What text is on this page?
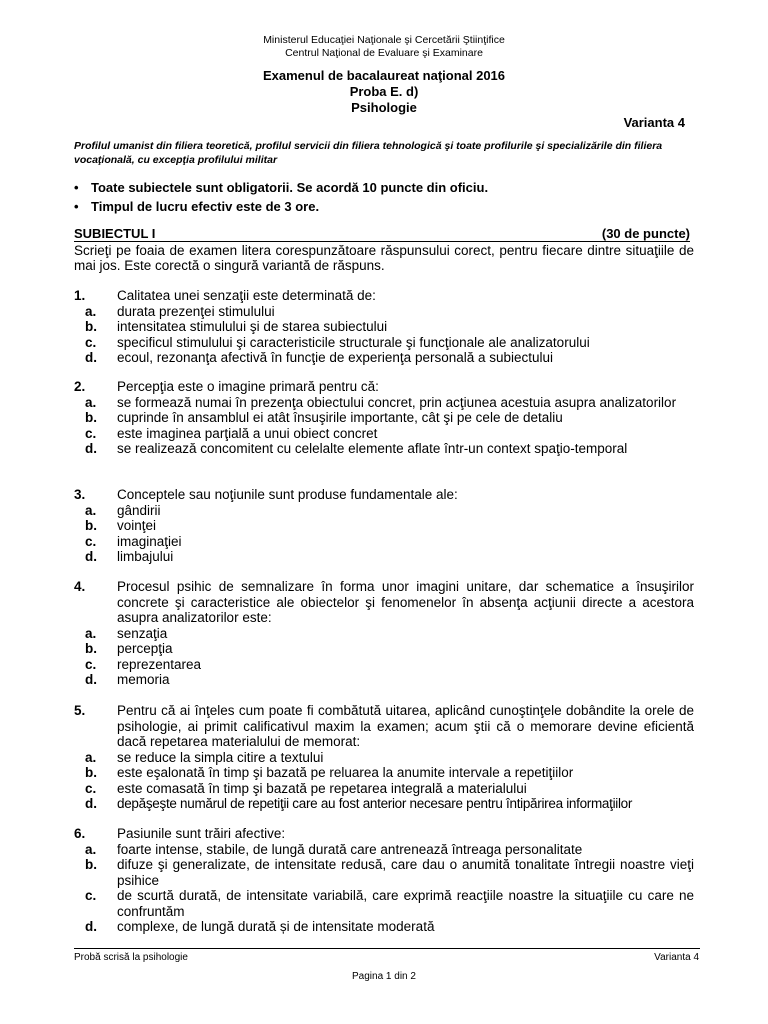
Ministerul Educaţiei Naţionale şi Cercetării Ştiinţifice
Centrul Naţional de Evaluare şi Examinare
Examenul de bacalaureat naţional 2016
Proba E. d)
Psihologie
Varianta 4
Profilul umanist din filiera teoretică, profilul servicii din filiera tehnologică şi toate profilurile şi specializările din filiera vocaţională, cu excepţia profilului militar
• Toate subiectele sunt obligatorii. Se acordă 10 puncte din oficiu.
• Timpul de lucru efectiv este de 3 ore.
SUBIECTUL I	(30 de puncte)
Scrieţi pe foaia de examen litera corespunzătoare răspunsului corect, pentru fiecare dintre situaţiile de mai jos. Este corectă o singură variantă de răspuns.
1. Calitatea unei senzaţii este determinată de:
a. durata prezenţei stimulului
b. intensitatea stimulului şi de starea subiectului
c. specificul stimulului şi caracteristicile structurale şi funcţionale ale analizatorului
d. ecoul, rezonanţa afectivă în funcţie de experienţa personală a subiectului
2. Percepţia este o imagine primară pentru că:
a. se formează numai în prezenţa obiectului concret, prin acţiunea acestuia asupra analizatorilor
b. cuprinde în ansamblul ei atât însuşirile importante, cât şi pe cele de detaliu
c. este imaginea parţială a unui obiect concret
d. se realizează concomitent cu celelalte elemente aflate într-un context spaţio-temporal
3. Conceptele sau noţiunile sunt produse fundamentale ale:
a. gândirii
b. voinţei
c. imaginaţiei
d. limbajului
4. Procesul psihic de semnalizare în forma unor imagini unitare, dar schematice a însuşirilor concrete şi caracteristice ale obiectelor şi fenomenelor în absenţa acţiunii directe a acestora asupra analizatorilor este:
a. senzaţia
b. percepţia
c. reprezentarea
d. memoria
5. Pentru că ai înţeles cum poate fi combătută uitarea, aplicând cunoştinţele dobândite la orele de psihologie, ai primit calificativul maxim la examen; acum ştii că o memorare devine eficientă dacă repetarea materialului de memorat:
a. se reduce la simpla citire a textului
b. este eşalonată în timp şi bazată pe reluarea la anumite intervale a repetiţiilor
c. este comasată în timp şi bazată pe repetarea integrală a materialului
d. depăşeşte numărul de repetiţii care au fost anterior necesare pentru întipărirea informaţiilor
6. Pasiunile sunt trăiri afective:
a. foarte intense, stabile, de lungă durată care antrenează întreaga personalitate
b. difuze şi generalizate, de intensitate redusă, care dau o anumită tonalitate întregii noastre vieţi psihice
c. de scurtă durată, de intensitate variabilă, care exprimă reacţiile noastre la situaţiile cu care ne confruntăm
d. complexe, de lungă durată și de intensitate moderată
Probă scrisă la psihologie	Varianta 4
Pagina 1 din 2
